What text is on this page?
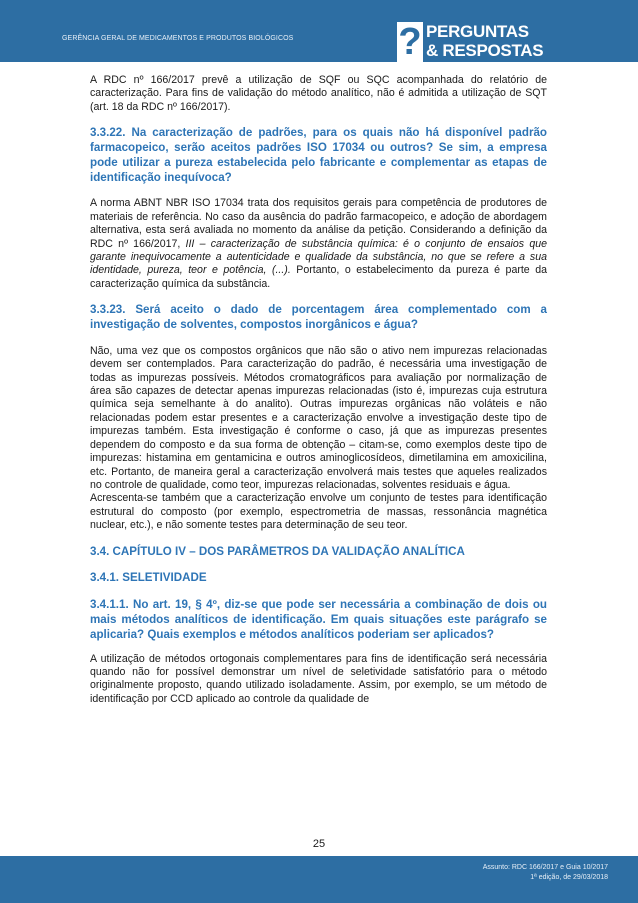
GERÊNCIA GERAL DE MEDICAMENTOS E PRODUTOS BIOLÓGICOS	? PERGUNTAS
& RESPOSTAS

A RDC nº 166/2017 prevê a utilização de SQF ou SQC acompanhada do relatório de caracterização. Para fins de validação do método analítico, não é admitida a utilização de SQT (art. 18 da RDC nº 166/2017).

3.3.22. Na caracterização de padrões, para os quais não há disponível padrão farmacopeico, serão aceitos padrões ISO 17034 ou outros? Se sim, a empresa pode utilizar a pureza estabelecida pelo fabricante e complementar as etapas de identificação inequívoca?

A norma ABNT NBR ISO 17034 trata dos requisitos gerais para competência de produtores de materiais de referência. No caso da ausência do padrão farmacopeico, e adoção de abordagem alternativa, esta será avaliada no momento da análise da petição. Considerando a definição da RDC nº 166/2017, III – caracterização de substância química: é o conjunto de ensaios que garante inequivocamente a autenticidade e qualidade da substância, no que se refere a sua identidade, pureza, teor e potência, (...). Portanto, o estabelecimento da pureza é parte da caracterização química da substância.

3.3.23. Será aceito o dado de porcentagem área complementado com a investigação de solventes, compostos inorgânicos e água?

Não, uma vez que os compostos orgânicos que não são o ativo nem impurezas relacionadas devem ser contemplados. Para caracterização do padrão, é necessária uma investigação de todas as impurezas possíveis. Métodos cromatográficos para avaliação por normalização de área são capazes de detectar apenas impurezas relacionadas (isto é, impurezas cuja estrutura química seja semelhante à do analito). Outras impurezas orgânicas não voláteis e não relacionadas podem estar presentes e a caracterização envolve a investigação deste tipo de impurezas também. Esta investigação é conforme o caso, já que as impurezas presentes dependem do composto e da sua forma de obtenção – citam-se, como exemplos deste tipo de impurezas: histamina em gentamicina e outros aminoglicosídeos, dimetilamina em amoxicilina, etc. Portanto, de maneira geral a caracterização envolverá mais testes que aqueles realizados no controle de qualidade, como teor, impurezas relacionadas, solventes residuais e água.

Acrescenta-se também que a caracterização envolve um conjunto de testes para identificação estrutural do composto (por exemplo, espectrometria de massas, ressonância magnética nuclear, etc.), e não somente testes para determinação de seu teor.

3.4. CAPÍTULO IV – DOS PARÂMETROS DA VALIDAÇÃO ANALÍTICA
3.4.1. SELETIVIDADE
3.4.1.1. No art. 19, § 4º, diz-se que pode ser necessária a combinação de dois ou mais métodos analíticos de identificação. Em quais situações este parágrafo se aplicaria? Quais exemplos e métodos analíticos poderiam ser aplicados?

A utilização de métodos ortogonais complementares para fins de identificação será necessária quando não for possível demonstrar um nível de seletividade satisfatório para o método originalmente proposto, quando utilizado isoladamente. Assim, por exemplo, se um método de identificação por CCD aplicado ao controle da qualidade de

25
Assunto: RDC 166/2017 e Guia 10/2017
1ª edição, de 29/03/2018
